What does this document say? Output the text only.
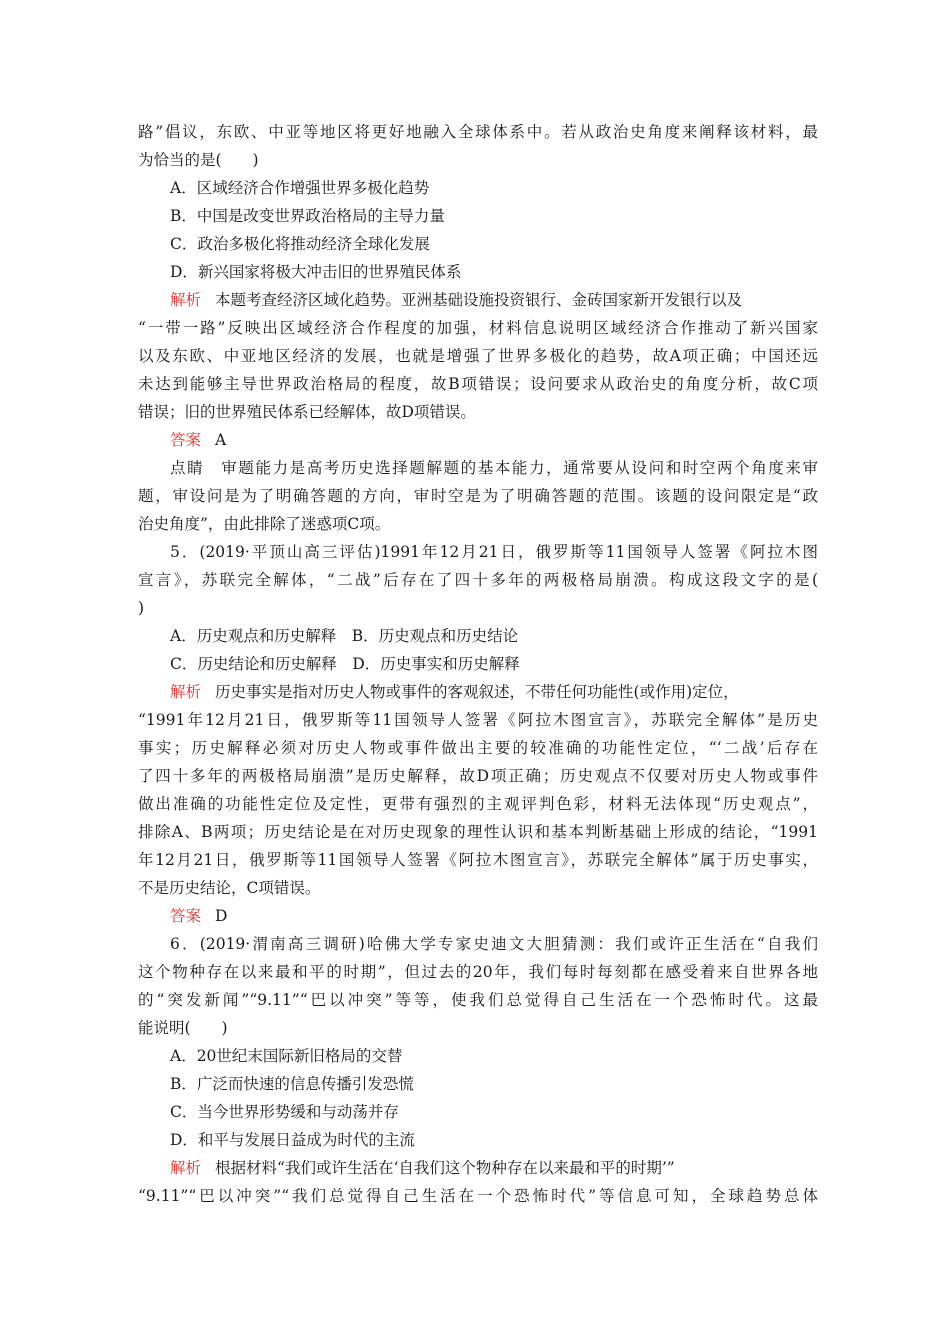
路”倡议，东欧、中亚等地区将更好地融入全球体系中。若从政治史角度来阐释该材料，最
为恰当的是(　　)
A．区域经济合作增强世界多极化趋势
B．中国是改变世界政治格局的主导力量
C．政治多极化将推动经济全球化发展
D．新兴国家将极大冲击旧的世界殖民体系
解析 本题考查经济区域化趋势。亚洲基础设施投资银行、金砖国家新开发银行以及
“一带一路”反映出区域经济合作程度的加强，材料信息说明区域经济合作推动了新兴国家
以及东欧、中亚地区经济的发展，也就是增强了世界多极化的趋势，故A项正确；中国还远
未达到能够主导世界政治格局的程度，故B项错误；设问要求从政治史的角度分析，故C项
错误；旧的世界殖民体系已经解体，故D项错误。
答案 A
点睛　审题能力是高考历史选择题解题的基本能力，通常要从设问和时空两个角度来审
题，审设问是为了明确答题的方向，审时空是为了明确答题的范围。该题的设问限定是“政
治史角度”，由此排除了迷惑项C项。
5．(2019·平顶山高三评估)1991年12月21日，俄罗斯等11国领导人签署《阿拉木图
宣言》，苏联完全解体，“二战”后存在了四十多年的两极格局崩溃。构成这段文字的是(
)
A．历史观点和历史解释　B．历史观点和历史结论
C．历史结论和历史解释　D．历史事实和历史解释
解析 历史事实是指对历史人物或事件的客观叙述，不带任何功能性(或作用)定位，
“1991年12月21日，俄罗斯等11国领导人签署《阿拉木图宣言》，苏联完全解体”是历史
事实；历史解释必须对历史人物或事件做出主要的较准确的功能性定位，“‘二战’后存在
了四十多年的两极格局崩溃”是历史解释，故D项正确；历史观点不仅要对历史人物或事件
做出准确的功能性定位及定性，更带有强烈的主观评判色彩，材料无法体现“历史观点”，
排除A、B两项；历史结论是在对历史现象的理性认识和基本判断基础上形成的结论，“1991
年12月21日，俄罗斯等11国领导人签署《阿拉木图宣言》，苏联完全解体”属于历史事实，
不是历史结论，C项错误。
答案 D
6．(2019·渭南高三调研)哈佛大学专家史迪文大胆猜测：我们或许正生活在“自我们
这个物种存在以来最和平的时期”，但过去的20年，我们每时每刻都在感受着来自世界各地
的“突发新闻”“9.11”“巴以冲突”等等，使我们总觉得自己生活在一个恐怖时代。这最
能说明(　　)
A．20世纪末国际新旧格局的交替
B．广泛而快速的信息传播引发恐慌
C．当今世界形势缓和与动荡并存
D．和平与发展日益成为时代的主流
解析 根据材料“我们或许生活在‘自我们这个物种存在以来最和平的时期’”
“9.11”“巴以冲突”“我们总觉得自己生活在一个恐怖时代”等信息可知，全球趋势总体
